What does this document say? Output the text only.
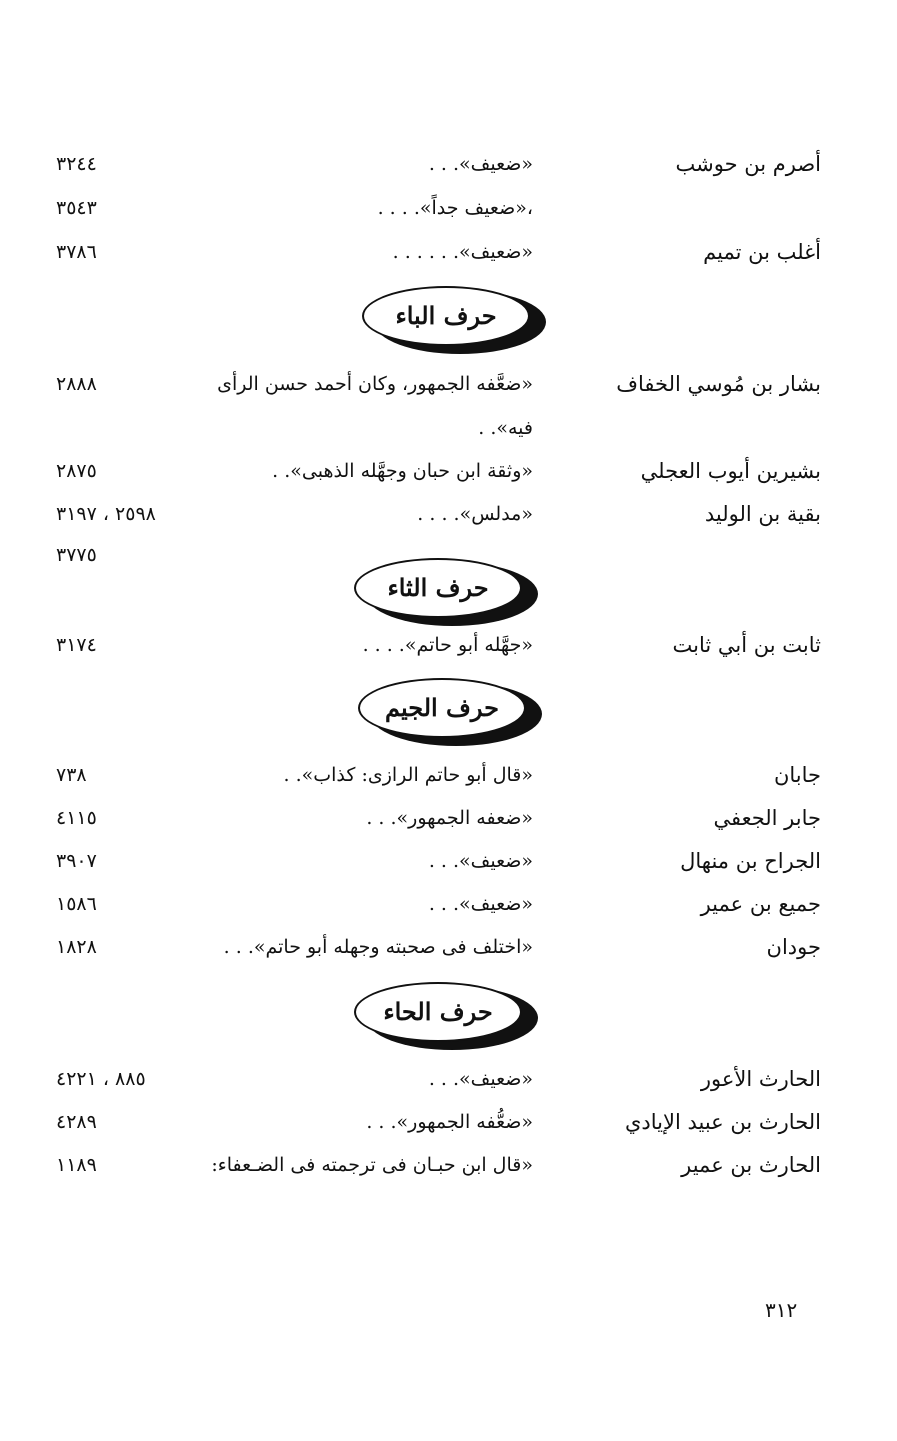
أصرم بن حوشب
«ضعيف». . .
٣٢٤٤
،«ضعيف جداً». . . .
٣٥٤٣
أغلب بن تميم
«ضعيف». . . . . .
٣٧٨٦
حرف الباء
بشار بن مُوسي الخفاف
«ضعَّفه الجمهور، وكان أحمد حسن الرأى
٢٨٨٨
فيه». .
بشيرين أيوب العجلي
«وثقة ابن حبان وجهَّله الذهبى». .
٢٨٧٥
بقية بن الوليد
«مدلس». . . .
٢٥٩٨ ، ٣١٩٧
٣٧٧٥
حرف الثاء
ثابت بن أبي ثابت
«جهَّله أبو حاتم». . . .
٣١٧٤
حرف الجيم
جابان
«قال أبو حاتم الرازى: كذاب». .
٧٣٨
جابر الجعفي
«ضعفه الجمهور». . .
٤١١٥
الجراح بن منهال
«ضعيف». . .
٣٩٠٧
جميع بن عمير
«ضعيف». . .
١٥٨٦
جودان
«اختلف فى صحبته وجهله أبو حاتم». . .
١٨٢٨
حرف الحاء
الحارث الأعور
«ضعيف». . .
٨٨٥ ، ٤٢٢١
الحارث بن عبيد الإيادي
«ضعُّفه الجمهور». . .
٤٢٨٩
الحارث بن عمير
«قال ابن حبـان فى ترجمته فى الضـعفاء:
١١٨٩
٣١٢
